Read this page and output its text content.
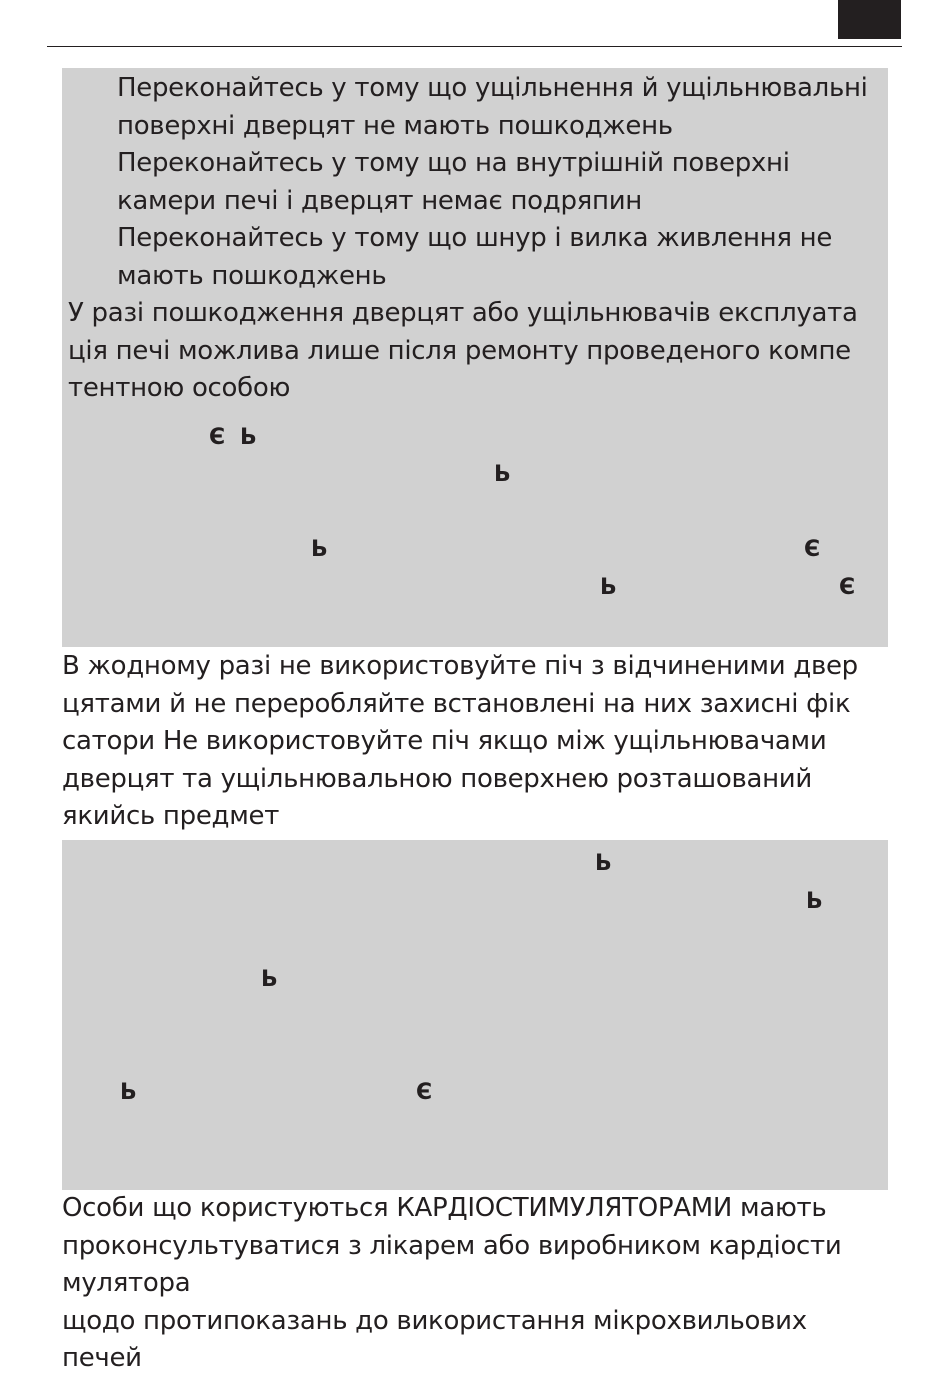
Переконайтесь у тому що ущільнення й ущільнювальні
поверхні дверцят не мають пошкоджень
Переконайтесь у тому що на внутрішній поверхні
камери печі і дверцят немає подряпин
Переконайтесь у тому що шнур і вилка живлення не
мають пошкоджень
У разі пошкодження дверцят або ущільнювачів експлуата
ція печі можлива лише після ремонту проведеного компе
тентною особою
Є Ь
Ь
Ь	Є
Ь	Є
В жодному разі не використовуйте піч з відчиненими двер
цятами й не переробляйте встановлені на них захисні фік
сатори Не використовуйте піч якщо між ущільнювачами
дверцят та ущільнювальною поверхнею розташований
якийсь предмет
Ь
Ь
Ь
Ь	Є
Особи що користуються КАРДІОСТИМУЛЯТОРАМИ мають
проконсультуватися з лікарем або виробником кардіости
мулятора
щодо протипоказань до використання мікрохвильових
печей
